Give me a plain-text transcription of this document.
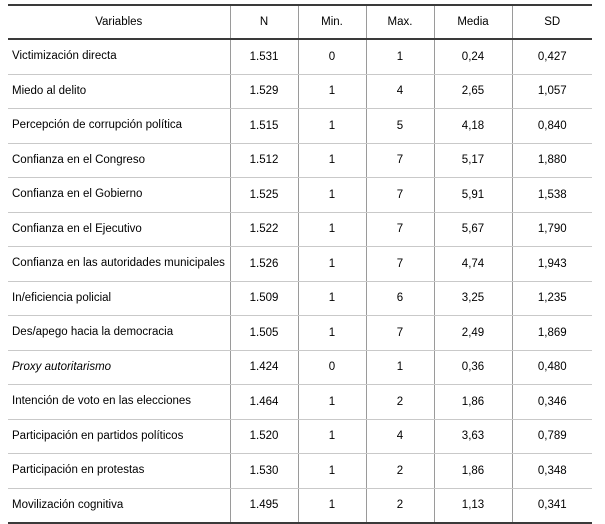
Variables	N	Min.	Max.	Media	SD
Victimización directa	1.531	0	1	0,24	0,427
Miedo al delito	1.529	1	4	2,65	1,057
Percepción de corrupción política	1.515	1	5	4,18	0,840
Confianza en el Congreso	1.512	1	7	5,17	1,880
Confianza en el Gobierno	1.525	1	7	5,91	1,538
Confianza en el Ejecutivo	1.522	1	7	5,67	1,790
Confianza en las autoridades municipales	1.526	1	7	4,74	1,943
In/eficiencia policial	1.509	1	6	3,25	1,235
Des/apego hacia la democracia	1.505	1	7	2,49	1,869
Proxy autoritarismo	1.424	0	1	0,36	0,480
Intención de voto en las elecciones	1.464	1	2	1,86	0,346
Participación en partidos políticos	1.520	1	4	3,63	0,789
Participación en protestas	1.530	1	2	1,86	0,348
Movilización cognitiva	1.495	1	2	1,13	0,341
